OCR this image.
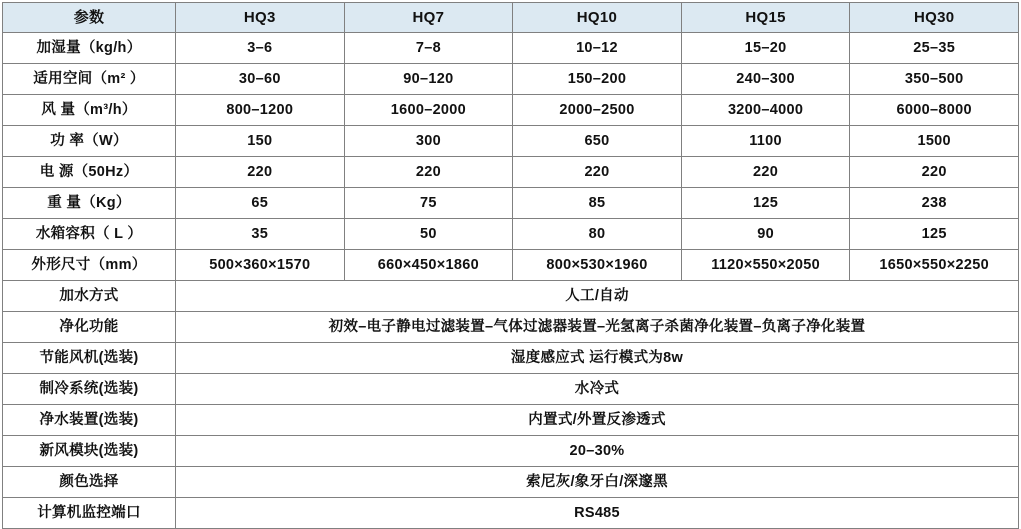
参数	HQ3	HQ7	HQ10	HQ15	HQ30
加湿量（kg/h）	3–6	7–8	10–12	15–20	25–35
适用空间（m² ）	30–60	90–120	150–200	240–300	350–500
风 量（m³/h）	800–1200	1600–2000	2000–2500	3200–4000	6000–8000
功 率（W）	150	300	650	1100	1500
电 源（50Hz）	220	220	220	220	220
重 量（Kg）	65	75	85	125	238
水箱容积（ L ）	35	50	80	90	125
外形尺寸（mm）	500×360×1570	660×450×1860	800×530×1960	1120×550×2050	1650×550×2250
加水方式	人工/自动				
净化功能	初效–电子静电过滤装置–气体过滤器装置–光氢离子杀菌净化装置–负离子净化装置				
节能风机(选装)	湿度感应式 运行模式为8w				
制冷系统(选装)	水冷式				
净水装置(选装)	内置式/外置反渗透式				
新风模块(选装)	20–30%				
颜色选择	索尼灰/象牙白/深邃黑				
计算机监控端口	RS485				
